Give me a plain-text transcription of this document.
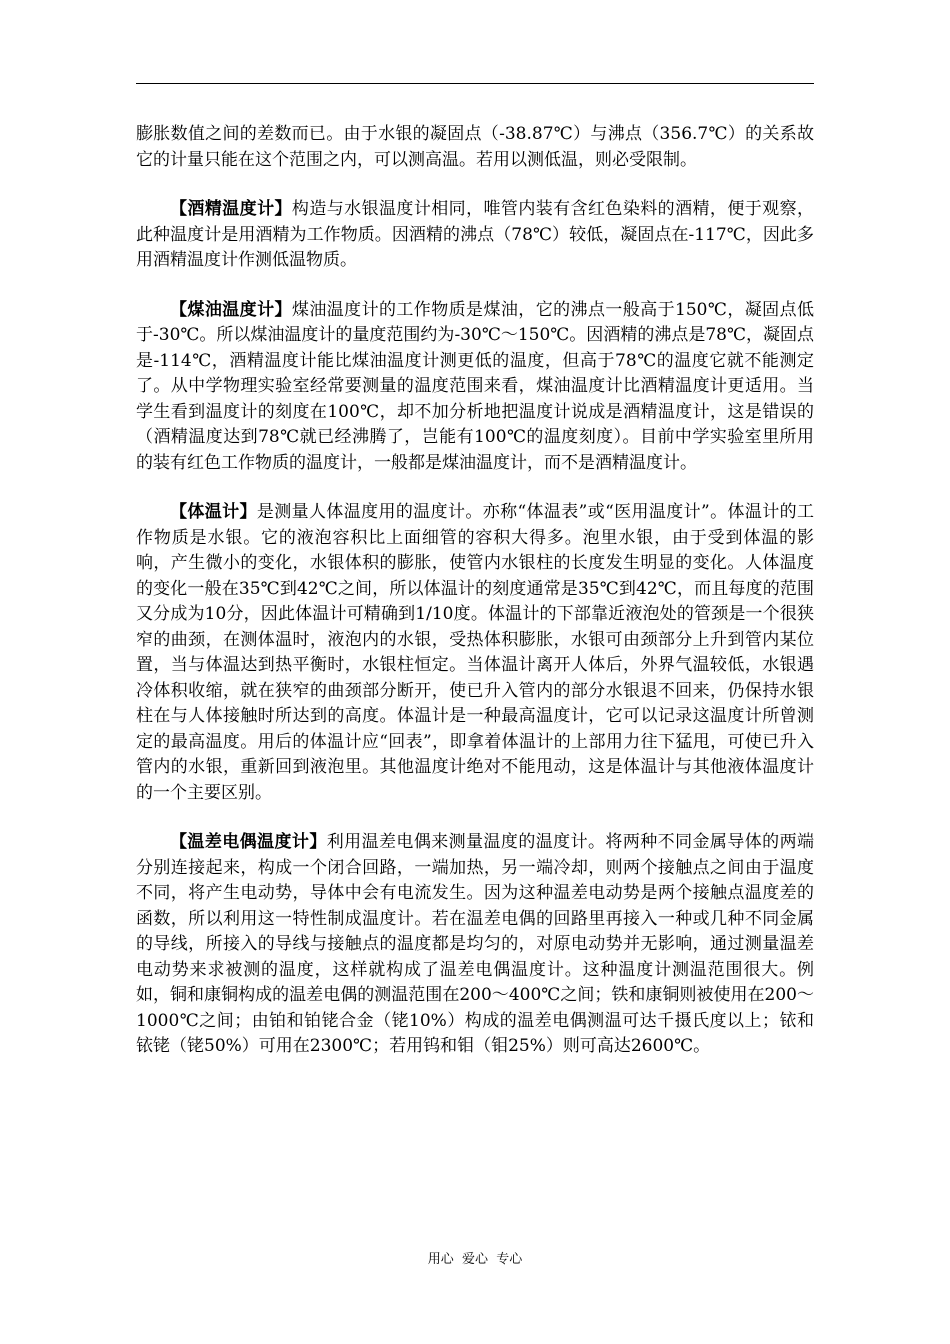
膨胀数值之间的差数而已。由于水银的凝固点（-38.87℃）与沸点（356.7℃）的关系故它的计量只能在这个范围之内，可以测高温。若用以测低温，则必受限制。

【酒精温度计】构造与水银温度计相同，唯管内装有含红色染料的酒精，便于观察，此种温度计是用酒精为工作物质。因酒精的沸点（78℃）较低，凝固点在-117℃，因此多用酒精温度计作测低温物质。

【煤油温度计】煤油温度计的工作物质是煤油，它的沸点一般高于150℃，凝固点低于-30℃。所以煤油温度计的量度范围约为-30℃～150℃。因酒精的沸点是78℃，凝固点是-114℃，酒精温度计能比煤油温度计测更低的温度，但高于78℃的温度它就不能测定了。从中学物理实验室经常要测量的温度范围来看，煤油温度计比酒精温度计更适用。当学生看到温度计的刻度在100℃，却不加分析地把温度计说成是酒精温度计，这是错误的（酒精温度达到78℃就已经沸腾了，岂能有100℃的温度刻度）。目前中学实验室里所用的装有红色工作物质的温度计，一般都是煤油温度计，而不是酒精温度计。

【体温计】是测量人体温度用的温度计。亦称“体温表”或“医用温度计”。体温计的工作物质是水银。它的液泡容积比上面细管的容积大得多。泡里水银，由于受到体温的影响，产生微小的变化，水银体积的膨胀，使管内水银柱的长度发生明显的变化。人体温度的变化一般在35℃到42℃之间，所以体温计的刻度通常是35℃到42℃，而且每度的范围又分成为10分，因此体温计可精确到1/10度。体温计的下部靠近液泡处的管颈是一个很狭窄的曲颈，在测体温时，液泡内的水银，受热体积膨胀，水银可由颈部分上升到管内某位置，当与体温达到热平衡时，水银柱恒定。当体温计离开人体后，外界气温较低，水银遇冷体积收缩，就在狭窄的曲颈部分断开，使已升入管内的部分水银退不回来，仍保持水银柱在与人体接触时所达到的高度。体温计是一种最高温度计，它可以记录这温度计所曾测定的最高温度。用后的体温计应“回表”，即拿着体温计的上部用力往下猛甩，可使已升入管内的水银，重新回到液泡里。其他温度计绝对不能甩动，这是体温计与其他液体温度计的一个主要区别。

【温差电偶温度计】利用温差电偶来测量温度的温度计。将两种不同金属导体的两端分别连接起来，构成一个闭合回路，一端加热，另一端冷却，则两个接触点之间由于温度不同，将产生电动势，导体中会有电流发生。因为这种温差电动势是两个接触点温度差的函数，所以利用这一特性制成温度计。若在温差电偶的回路里再接入一种或几种不同金属的导线，所接入的导线与接触点的温度都是均匀的，对原电动势并无影响，通过测量温差电动势来求被测的温度，这样就构成了温差电偶温度计。这种温度计测温范围很大。例如，铜和康铜构成的温差电偶的测温范围在200～400℃之间；铁和康铜则被使用在200～1000℃之间；由铂和铂铑合金（铑10%）构成的温差电偶测温可达千摄氏度以上；铱和铱铑（铑50%）可用在2300℃；若用钨和钼（钼25%）则可高达2600℃。

用心  爱心  专心
